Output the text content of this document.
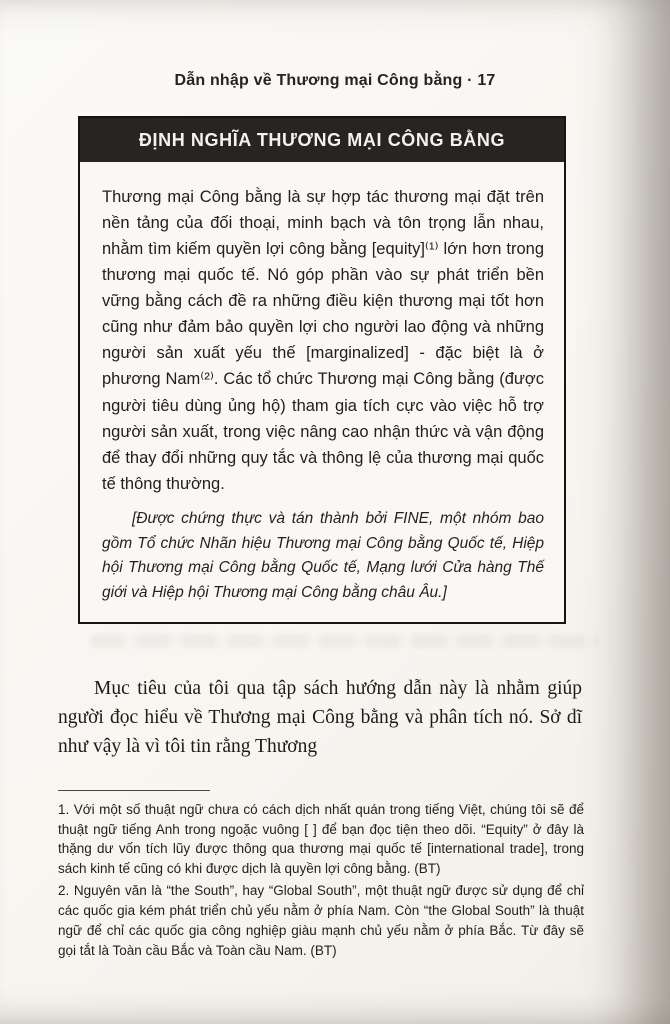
Dẫn nhập về Thương mại Công bằng · 17
ĐỊNH NGHĨA THƯƠNG MẠI CÔNG BẰNG

Thương mại Công bằng là sự hợp tác thương mại đặt trên nền tảng của đối thoại, minh bạch và tôn trọng lẫn nhau, nhằm tìm kiếm quyền lợi công bằng [equity]⁽¹⁾ lớn hơn trong thương mại quốc tế. Nó góp phần vào sự phát triển bền vững bằng cách đề ra những điều kiện thương mại tốt hơn cũng như đảm bảo quyền lợi cho người lao động và những người sản xuất yếu thế [marginalized] - đặc biệt là ở phương Nam⁽²⁾. Các tổ chức Thương mại Công bằng (được người tiêu dùng ủng hộ) tham gia tích cực vào việc hỗ trợ người sản xuất, trong việc nâng cao nhận thức và vận động để thay đổi những quy tắc và thông lệ của thương mại quốc tế thông thường.

[Được chứng thực và tán thành bởi FINE, một nhóm bao gồm Tổ chức Nhãn hiệu Thương mại Công bằng Quốc tế, Hiệp hội Thương mại Công bằng Quốc tế, Mạng lưới Cửa hàng Thế giới và Hiệp hội Thương mại Công bằng châu Âu.]

Mục tiêu của tôi qua tập sách hướng dẫn này là nhằm giúp người đọc hiểu về Thương mại Công bằng và phân tích nó. Sở dĩ như vậy là vì tôi tin rằng Thương

1. Với một số thuật ngữ chưa có cách dịch nhất quán trong tiếng Việt, chúng tôi sẽ để thuật ngữ tiếng Anh trong ngoặc vuông [ ] để bạn đọc tiện theo dõi. “Equity” ở đây là thặng dư vốn tích lũy được thông qua thương mại quốc tế [international trade], trong sách kinh tế cũng có khi được dịch là quyền lợi công bằng. (BT)

2. Nguyên văn là “the South”, hay “Global South”, một thuật ngữ được sử dụng để chỉ các quốc gia kém phát triển chủ yếu nằm ở phía Nam. Còn “the Global South” là thuật ngữ để chỉ các quốc gia công nghiệp giàu mạnh chủ yếu nằm ở phía Bắc. Từ đây sẽ gọi tắt là Toàn cầu Bắc và Toàn cầu Nam. (BT)
